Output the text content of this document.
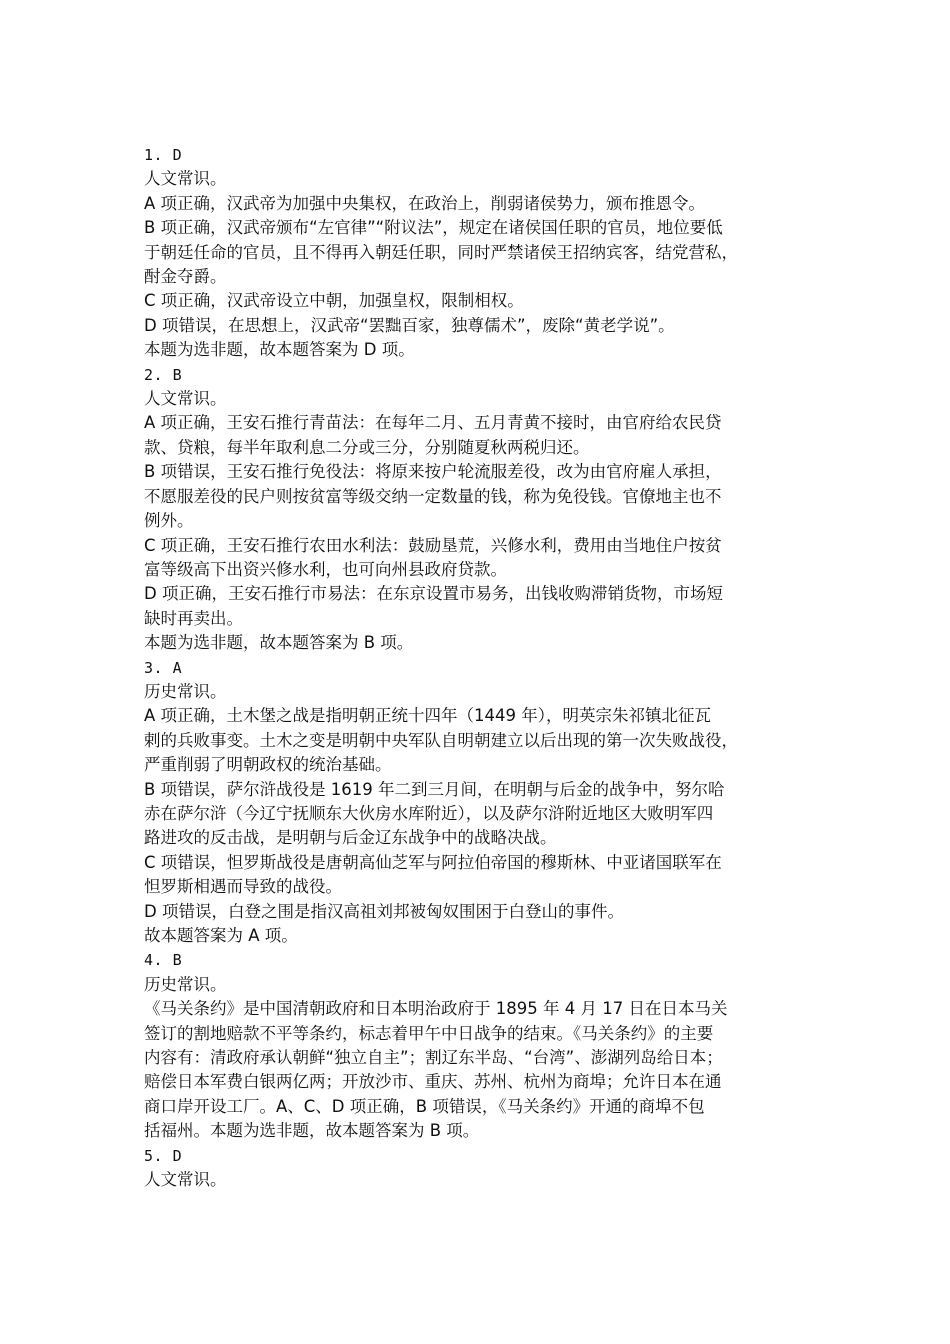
1. D
人文常识。
A 项正确，汉武帝为加强中央集权，在政治上，削弱诸侯势力，颁布推恩令。
B 项正确，汉武帝颁布“左官律”“附议法”，规定在诸侯国任职的官员，地位要低
于朝廷任命的官员，且不得再入朝廷任职，同时严禁诸侯王招纳宾客，结党营私，
酎金夺爵。
C 项正确，汉武帝设立中朝，加强皇权，限制相权。
D 项错误，在思想上，汉武帝“罢黜百家，独尊儒术”，废除“黄老学说”。
本题为选非题，故本题答案为 D 项。
2. B
人文常识。
A 项正确，王安石推行青苗法：在每年二月、五月青黄不接时，由官府给农民贷
款、贷粮，每半年取利息二分或三分，分别随夏秋两税归还。
B 项错误，王安石推行免役法：将原来按户轮流服差役，改为由官府雇人承担，
不愿服差役的民户则按贫富等级交纳一定数量的钱，称为免役钱。官僚地主也不
例外。
C 项正确，王安石推行农田水利法：鼓励垦荒，兴修水利，费用由当地住户按贫
富等级高下出资兴修水利，也可向州县政府贷款。
D 项正确，王安石推行市易法：在东京设置市易务，出钱收购滞销货物，市场短
缺时再卖出。
本题为选非题，故本题答案为 B 项。
3. A
历史常识。
A 项正确，土木堡之战是指明朝正统十四年（1449 年），明英宗朱祁镇北征瓦
剌的兵败事变。土木之变是明朝中央军队自明朝建立以后出现的第一次失败战役，
严重削弱了明朝政权的统治基础。
B 项错误，萨尔浒战役是 1619 年二到三月间，在明朝与后金的战争中，努尔哈
赤在萨尔浒（今辽宁抚顺东大伙房水库附近），以及萨尔浒附近地区大败明军四
路进攻的反击战，是明朝与后金辽东战争中的战略决战。
C 项错误，怛罗斯战役是唐朝高仙芝军与阿拉伯帝国的穆斯林、中亚诸国联军在
怛罗斯相遇而导致的战役。
D 项错误，白登之围是指汉高祖刘邦被匈奴围困于白登山的事件。
故本题答案为 A 项。
4. B
历史常识。
《马关条约》是中国清朝政府和日本明治政府于 1895 年 4 月 17 日在日本马关
签订的割地赔款不平等条约，标志着甲午中日战争的结束。《马关条约》的主要
内容有：清政府承认朝鲜“独立自主”；割辽东半岛、“台湾”、澎湖列岛给日本；
赔偿日本军费白银两亿两；开放沙市、重庆、苏州、杭州为商埠；允许日本在通
商口岸开设工厂。A、C、D 项正确，B 项错误，《马关条约》开通的商埠不包
括福州。本题为选非题，故本题答案为 B 项。
5. D
人文常识。
